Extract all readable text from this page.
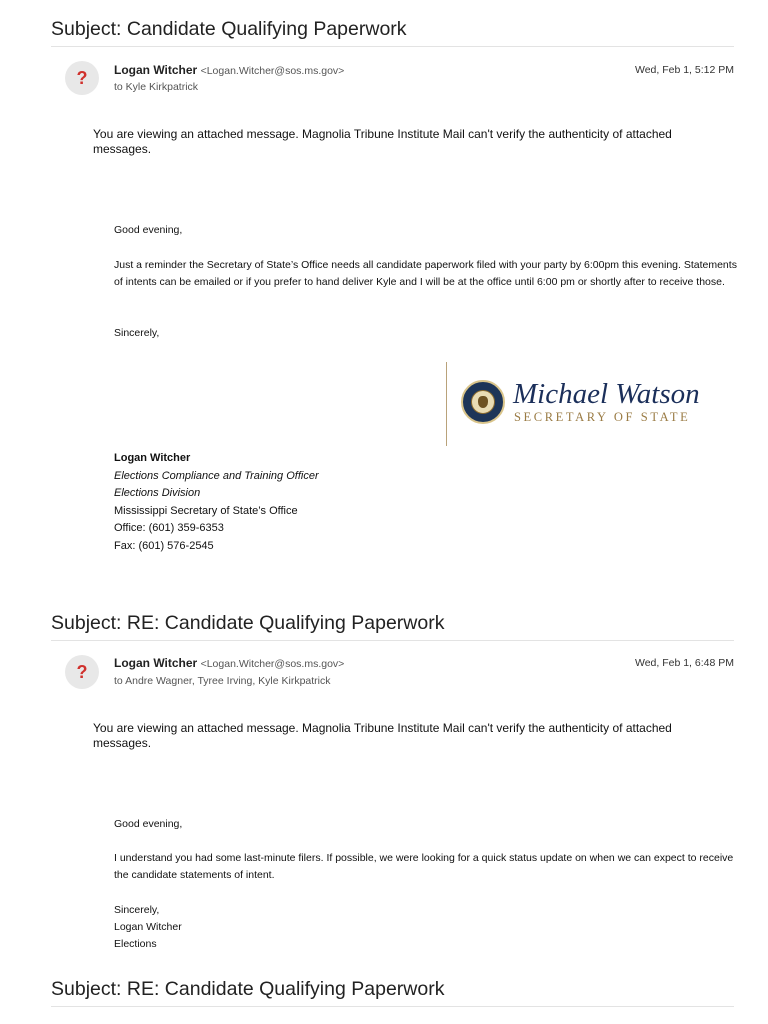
Subject: Candidate Qualifying Paperwork
?	Logan Witcher <Logan.Witcher@sos.ms.gov>
to Kyle Kirkpatrick
Wed, Feb 1, 5:12 PM
You are viewing an attached message. Magnolia Tribune Institute Mail can't verify the authenticity of attached messages.
Good evening,
Just a reminder the Secretary of State’s Office needs all candidate paperwork filed with your party by 6:00pm this evening. Statements of intents can be emailed or if you prefer to hand deliver Kyle and I will be at the office until 6:00 pm or shortly after to receive those.
Sincerely,
Michael Watson
SECRETARY OF STATE
Logan Witcher
Elections Compliance and Training Officer
Elections Division
Mississippi Secretary of State’s Office
Office: (601) 359-6353
Fax: (601) 576-2545
Subject: RE: Candidate Qualifying Paperwork
?	Logan Witcher <Logan.Witcher@sos.ms.gov>
to Andre Wagner, Tyree Irving, Kyle Kirkpatrick
Wed, Feb 1, 6:48 PM
You are viewing an attached message. Magnolia Tribune Institute Mail can't verify the authenticity of attached messages.
Good evening,
I understand you had some last-minute filers. If possible, we were looking for a quick status update on when we can expect to receive the candidate statements of intent.
Sincerely,
Logan Witcher
Elections
Subject: RE: Candidate Qualifying Paperwork
